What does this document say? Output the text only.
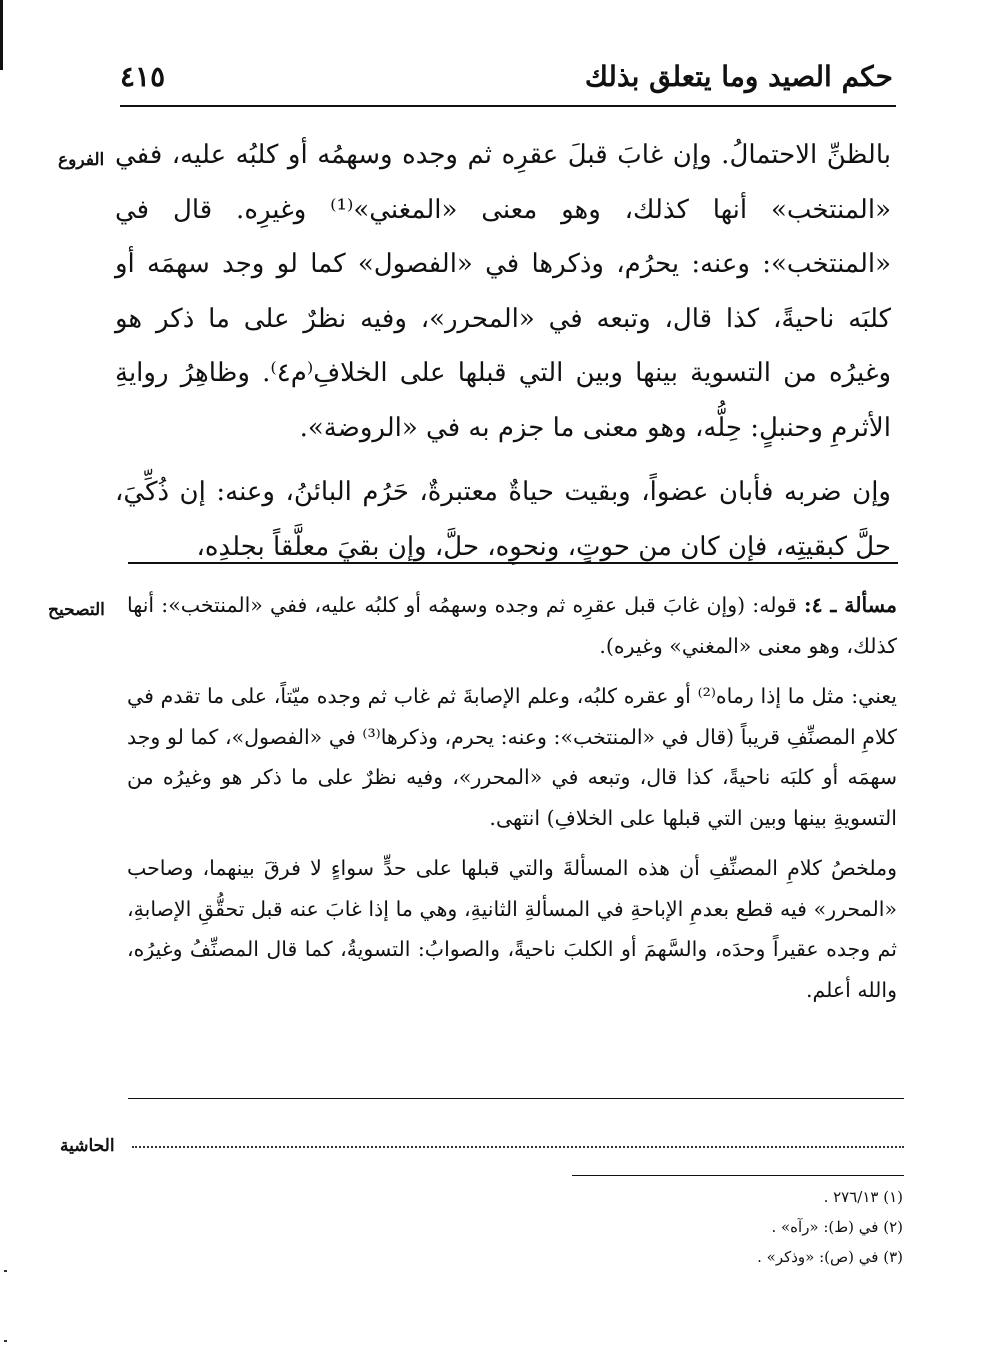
حكم الصيد وما يتعلق بذلك
٤١٥
الفروع بالظنِّ الاحتمالُ. وإن غابَ قبلَ عقرِه ثم وجده وسهمُه أو كلبُه عليه، ففي «المنتخب» أنها كذلك، وهو معنى «المغني»⁽¹⁾ وغيرِه. قال في «المنتخب»: وعنه: يحرُم، وذكرها في «الفصول» كما لو وجد سهمَه أو كلبَه ناحيةً، كذا قال، وتبعه في «المحرر»، وفيه نظرٌ على ما ذكر هو وغيرُه من التسوية بينها وبين التي قبلها على الخلافِ⁽م٤⁾. وظاهِرُ روايةِ الأثرمِ وحنبلٍ: حِلُّه، وهو معنى ما جزم به في «الروضة».

وإن ضربه فأبان عضواً، وبقيت حياةٌ معتبرةٌ، حَرُم البائنُ، وعنه: إن ذُكِّيَ، حلَّ كبقيتِه، فإن كان من حوتٍ، ونحوِه، حلَّ، وإن بقيَ معلَّقاً بجلدِه،

التصحيح	مسألة ـ ٤: قوله: (وإن غابَ قبل عقرِه ثم وجده وسهمُه أو كلبُه عليه، ففي «المنتخب»: أنها كذلك، وهو معنى «المغني» وغيره).

يعني: مثل ما إذا رماه⁽²⁾ أو عقره كلبُه، وعلم الإصابةَ ثم غاب ثم وجده ميّتاً، على ما تقدم في كلامِ المصنِّفِ قريباً (قال في «المنتخب»: وعنه: يحرم، وذكرها⁽³⁾ في «الفصول»، كما لو وجد سهمَه أو كلبَه ناحيةً، كذا قال، وتبعه في «المحرر»، وفيه نظرٌ على ما ذكر هو وغيرُه من التسويةِ بينها وبين التي قبلها على الخلافِ) انتهى.

وملخصُ كلامِ المصنِّفِ أن هذه المسألةَ والتي قبلها على حدٍّ سواءٍ لا فرقَ بينهما، وصاحب «المحرر» فيه قطع بعدمِ الإباحةِ في المسألةِ الثانيةِ، وهي ما إذا غابَ عنه قبل تحقُّقِ الإصابةِ، ثم وجده عقيراً وحدَه، والسَّهمَ أو الكلبَ ناحيةً، والصوابُ: التسويةُ، كما قال المصنِّفُ وغيرُه، والله أعلم.

الحاشية
(١) ٢٧٦/١٣ .
(٢) في (ط): «رآه» .
(٣) في (ص): «وذكر» .
